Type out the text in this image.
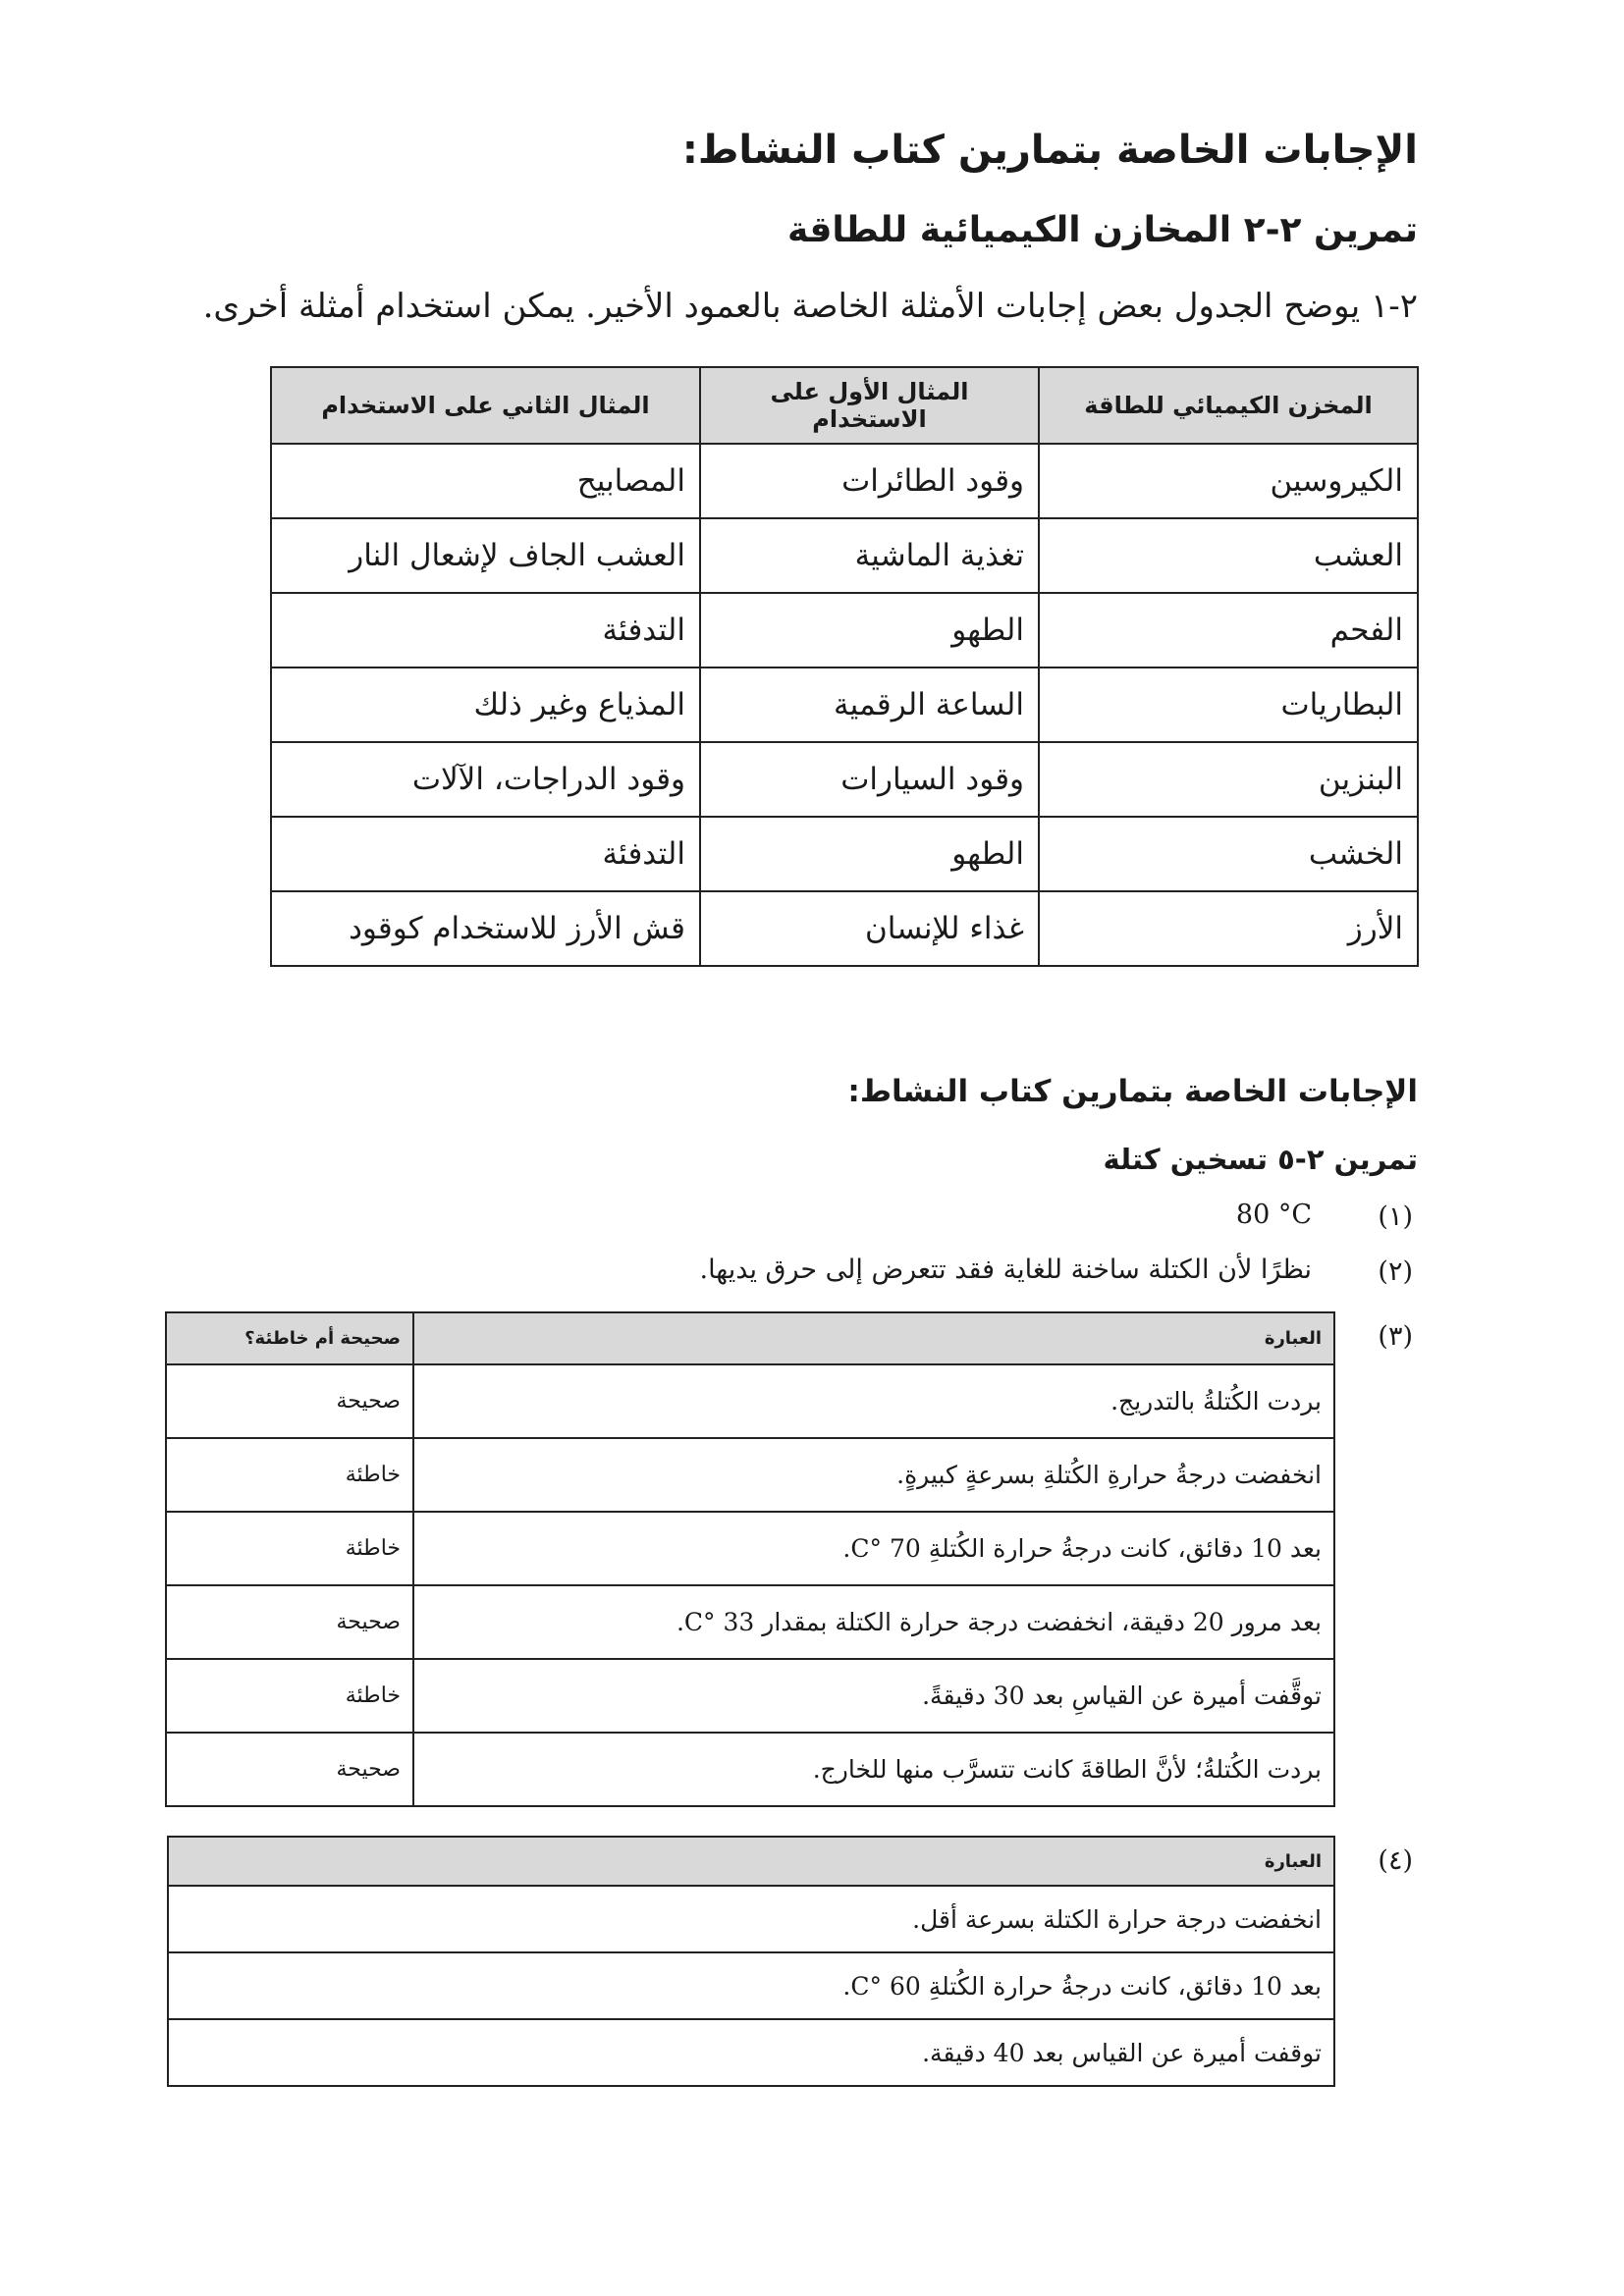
الإجابات الخاصة بتمارين كتاب النشاط:
تمرين ٢-٢ المخازن الكيميائية للطاقة
٢-١ يوضح الجدول بعض إجابات الأمثلة الخاصة بالعمود الأخير. يمكن استخدام أمثلة أخرى.
المخزن الكيميائي للطاقة	المثال الأول على الاستخدام	المثال الثاني على الاستخدام
الكيروسين	وقود الطائرات	المصابيح
العشب	تغذية الماشية	العشب الجاف لإشعال النار
الفحم	الطهو	التدفئة
البطاريات	الساعة الرقمية	المذياع وغير ذلك
البنزين	وقود السيارات	وقود الدراجات، الآلات
الخشب	الطهو	التدفئة
الأرز	غذاء للإنسان	قش الأرز للاستخدام كوقود
الإجابات الخاصة بتمارين كتاب النشاط:
تمرين ٢-٥ تسخين كتلة
(١)
80 °C
(٢)
نظرًا لأن الكتلة ساخنة للغاية فقد تتعرض إلى حرق يديها.
(٣)
العبارة	صحيحة أم خاطئة؟
بردت الكُتلةُ بالتدريج.	صحيحة
انخفضت درجةُ حرارةِ الكُتلةِ بسرعةٍ كبيرةٍ.	خاطئة
بعد 10 دقائق، كانت درجةُ حرارة الكُتلةِ 70 °C.	خاطئة
بعد مرور 20 دقيقة، انخفضت درجة حرارة الكتلة بمقدار 33 °C.	صحيحة
توقَّفت أميرة عن القياسِ بعد 30 دقيقةً.	خاطئة
بردت الكُتلةُ؛ لأنَّ الطاقةَ كانت تتسرَّب منها للخارج.	صحيحة
(٤)
العبارة
انخفضت درجة حرارة الكتلة بسرعة أقل.
بعد 10 دقائق، كانت درجةُ حرارة الكُتلةِ 60 °C.
توقفت أميرة عن القياس بعد 40 دقيقة.
